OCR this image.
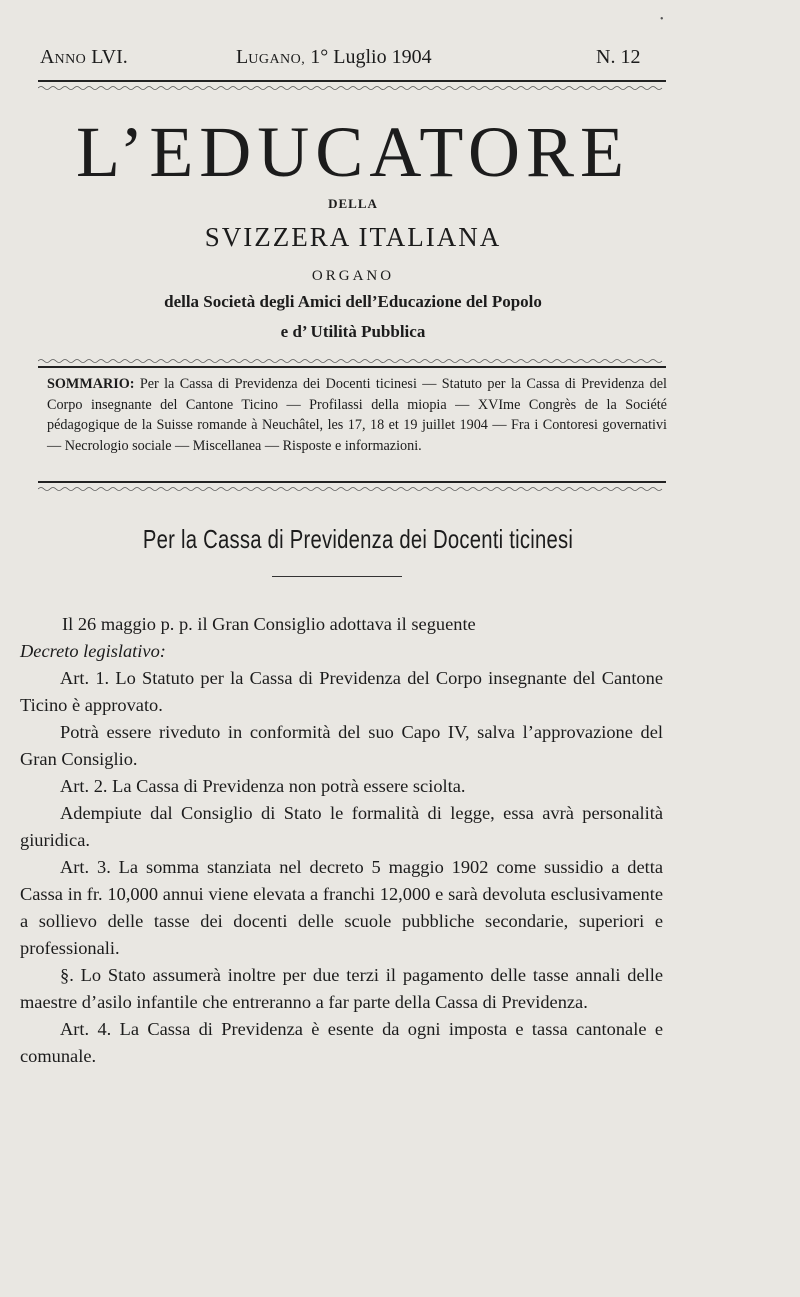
•
ANNO LVI.	LUGANO, 1° Luglio 1904	N. 12
L’EDUCATORE
DELLA
SVIZZERA ITALIANA
ORGANO
della Società degli Amici dell’Educazione del Popolo
e d’ Utilità Pubblica
SOMMARIO: Per la Cassa di Previdenza dei Docenti ticinesi — Statuto per la Cassa di Previdenza del Corpo insegnante del Cantone Ticino — Profilassi della miopia — XVIme Congrès de la Société pédagogique de la Suisse romande à Neuchâtel, les 17, 18 et 19 juillet 1904 — Fra i Contoresi governativi — Necrologio sociale — Miscellanea — Risposte e informazioni.
Per la Cassa di Previdenza dei Docenti ticinesi

Il 26 maggio p. p. il Gran Consiglio adottava il seguente

Decreto legislativo:

Art. 1. Lo Statuto per la Cassa di Previdenza del Corpo insegnante del Cantone Ticino è approvato.

Potrà essere riveduto in conformità del suo Capo IV, salva l’approvazione del Gran Consiglio.

Art. 2. La Cassa di Previdenza non potrà essere sciolta.

Adempiute dal Consiglio di Stato le formalità di legge, essa avrà personalità giuridica.

Art. 3. La somma stanziata nel decreto 5 maggio 1902 come sussidio a detta Cassa in fr. 10,000 annui viene elevata a franchi 12,000 e sarà devoluta esclusivamente a sollievo delle tasse dei docenti delle scuole pubbliche secondarie, superiori e professionali.

§. Lo Stato assumerà inoltre per due terzi il pagamento delle tasse annali delle maestre d’asilo infantile che entreranno a far parte della Cassa di Previdenza.

Art. 4. La Cassa di Previdenza è esente da ogni imposta e tassa cantonale e comunale.
